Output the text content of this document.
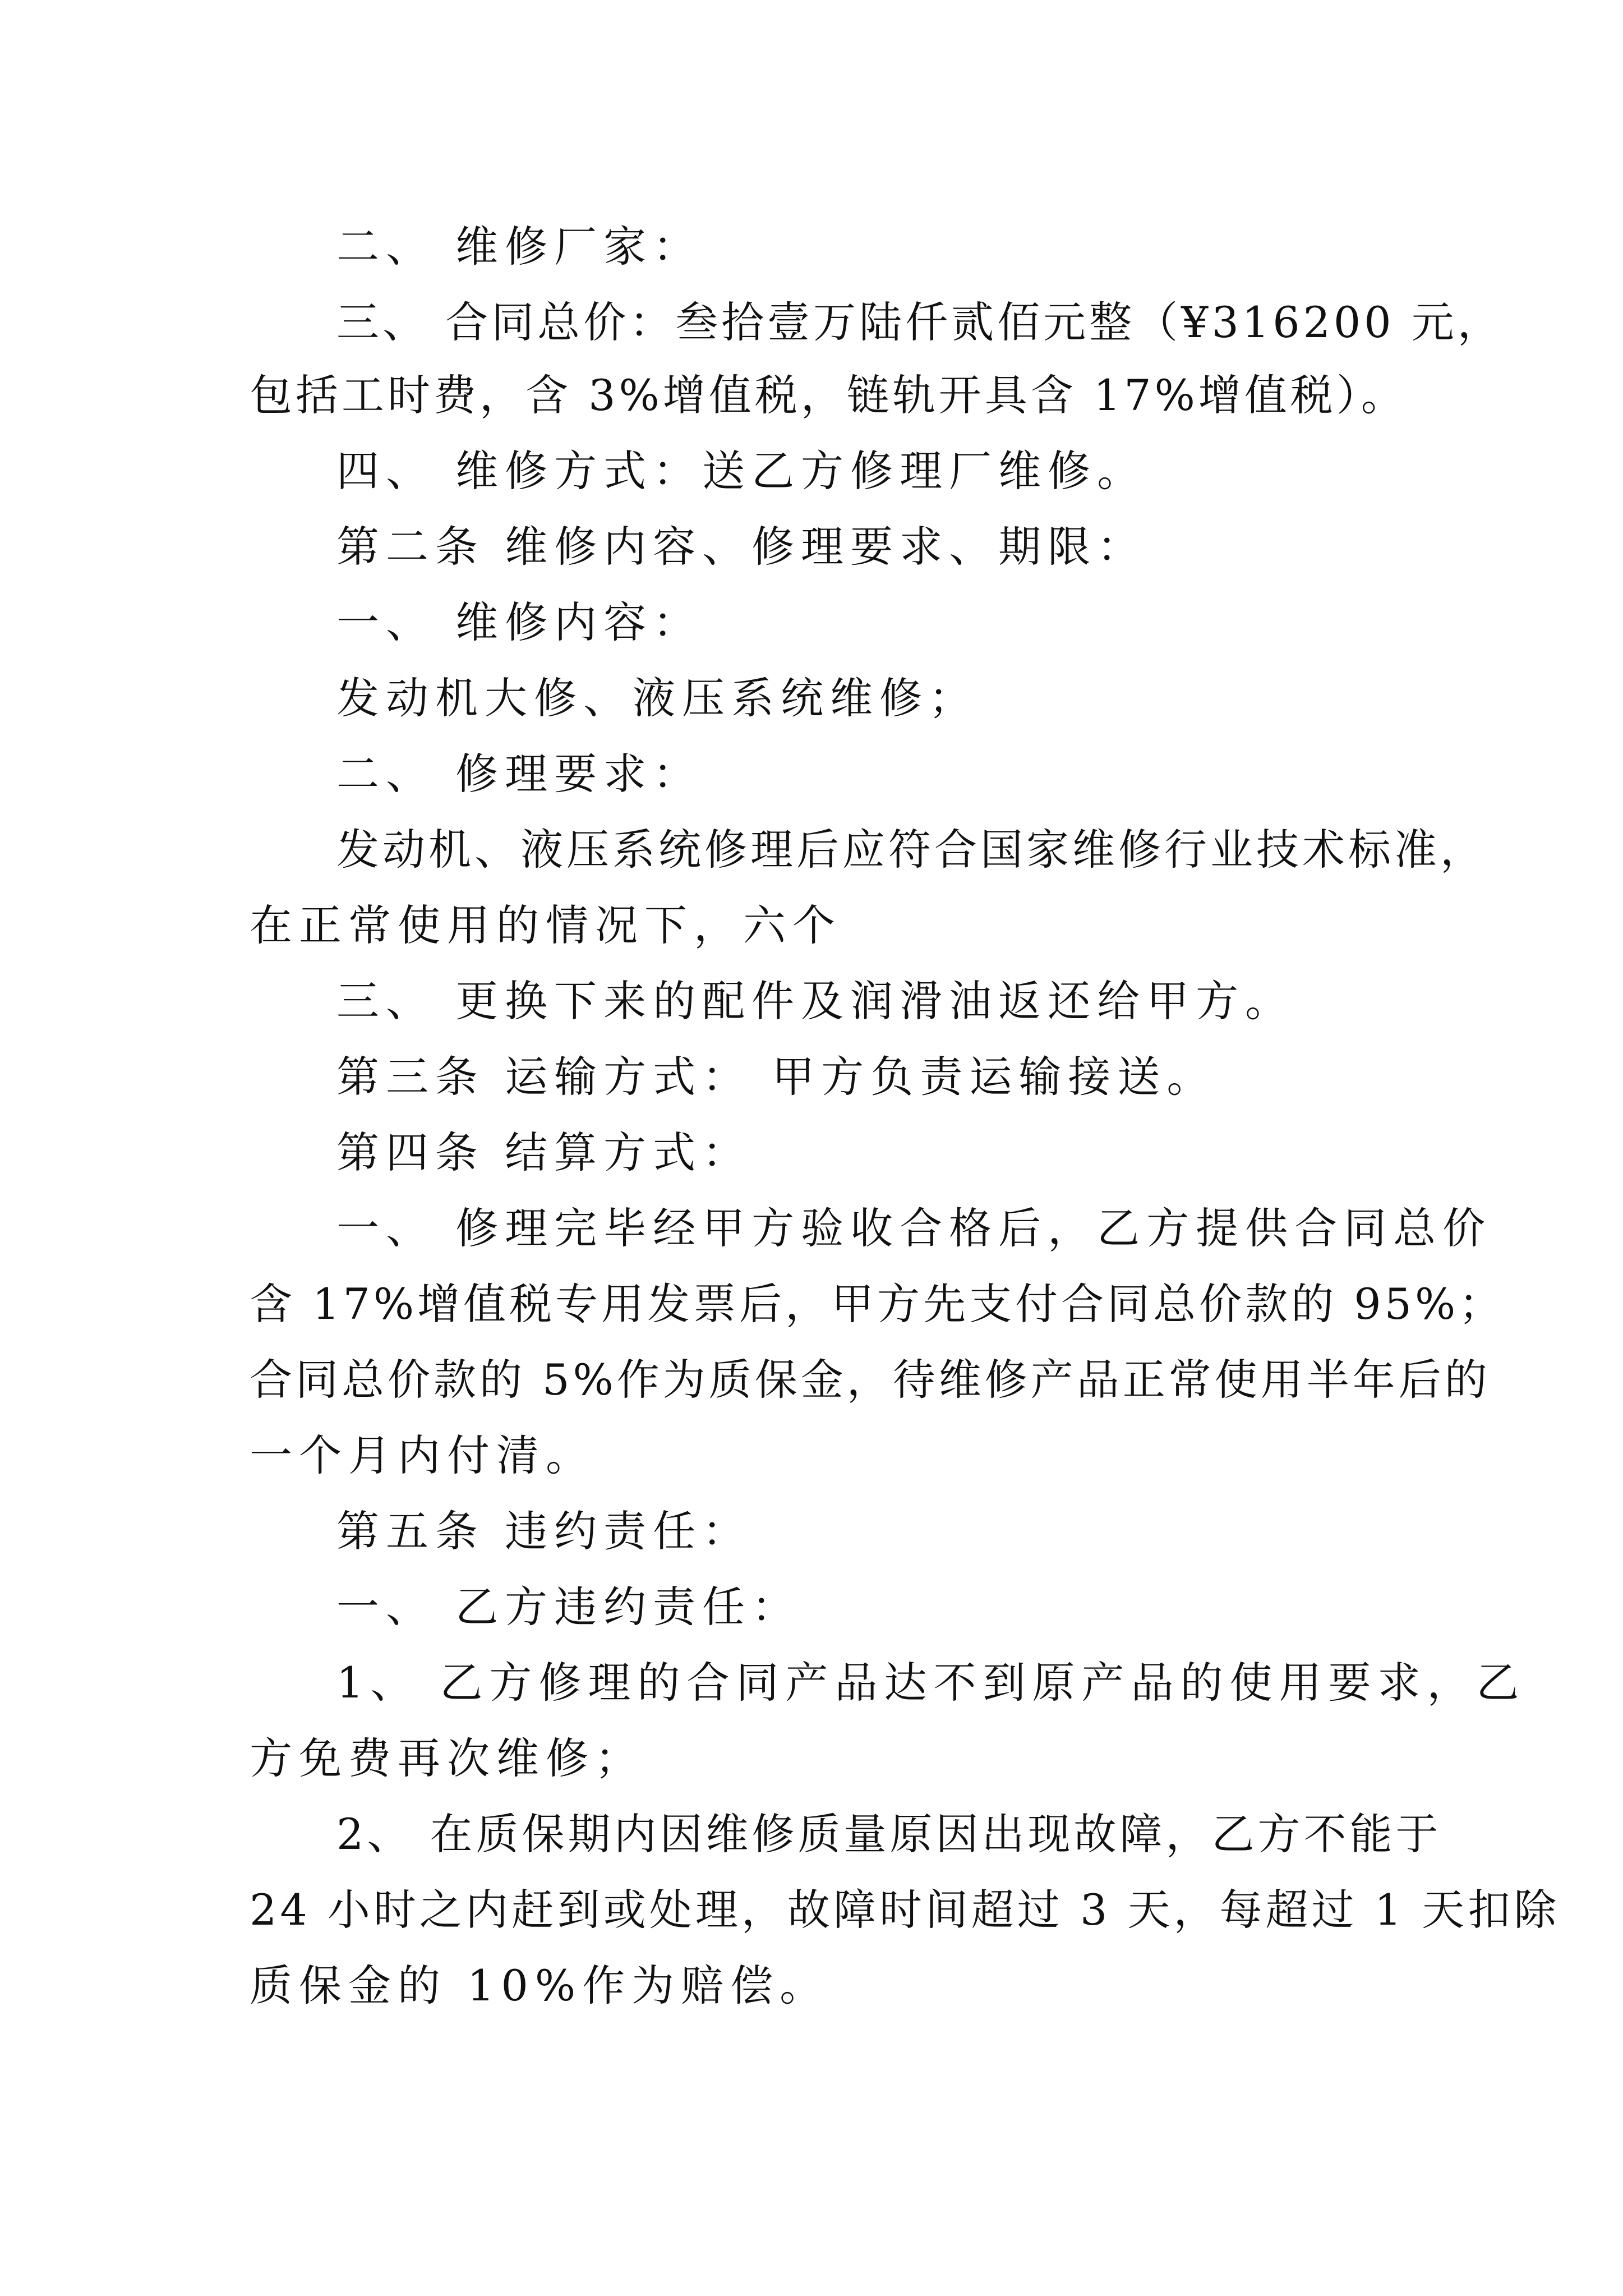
二、 维修厂家：
三、 合同总价：叁拾壹万陆仟贰佰元整（¥316200 元，
包括工时费，含 3%增值税，链轨开具含 17%增值税）。
四、 维修方式：送乙方修理厂维修。
第二条 维修内容、修理要求、期限：
一、 维修内容：
发动机大修、液压系统维修；
二、 修理要求：
发动机、液压系统修理后应符合国家维修行业技术标准，
在正常使用的情况下，六个
三、 更换下来的配件及润滑油返还给甲方。
第三条 运输方式： 甲方负责运输接送。
第四条 结算方式：
一、 修理完毕经甲方验收合格后，乙方提供合同总价
含 17%增值税专用发票后，甲方先支付合同总价款的 95%；
合同总价款的 5%作为质保金，待维修产品正常使用半年后的
一个月内付清。
第五条 违约责任：
一、 乙方违约责任：
1、 乙方修理的合同产品达不到原产品的使用要求，乙
方免费再次维修；
2、 在质保期内因维修质量原因出现故障，乙方不能于
24 小时之内赶到或处理，故障时间超过 3 天，每超过 1 天扣除
质保金的 10%作为赔偿。
